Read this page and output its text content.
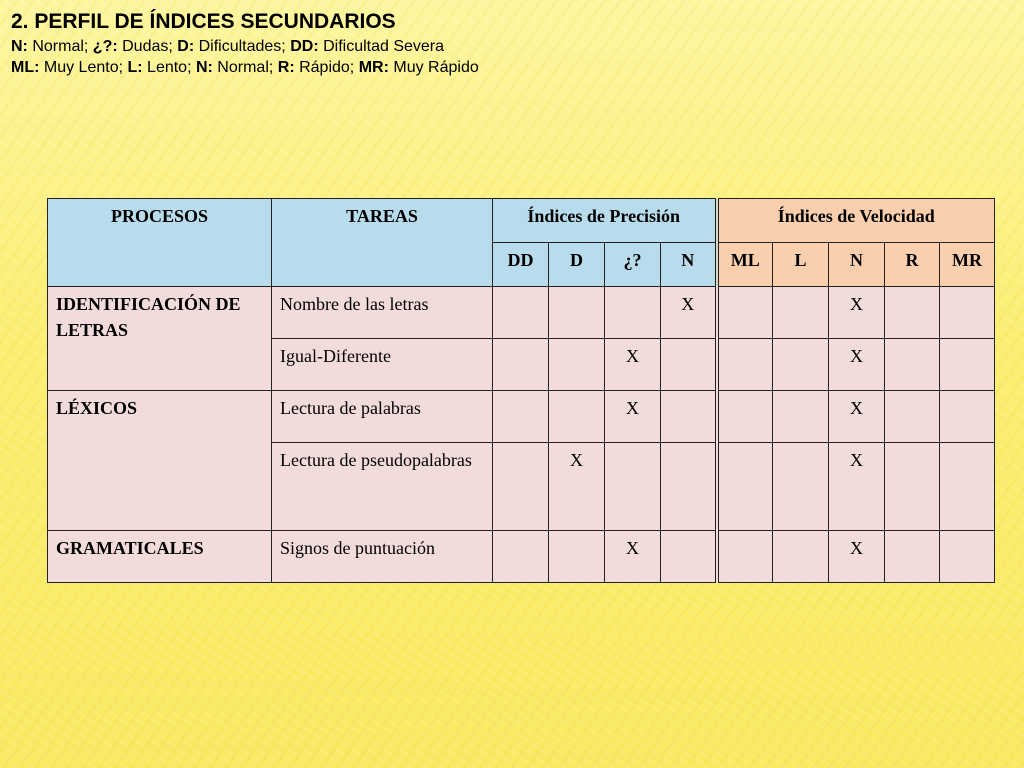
2. PERFIL DE ÍNDICES SECUNDARIOS
N: Normal; ¿?: Dudas; D: Dificultades; DD: Dificultad Severa
ML: Muy Lento; L: Lento; N: Normal; R: Rápido; MR: Muy Rápido
PROCESOS	TAREAS	Índices de Precisión				Índices de Velocidad				
		DD	D	¿?	N	ML	L	N	R	MR
IDENTIFICACIÓN DE LETRAS	Nombre de las letras				X			X		
	Igual-Diferente			X				X		
LÉXICOS	Lectura de palabras			X				X		
	Lectura de pseudopalabras		X					X		
GRAMATICALES	Signos de puntuación			X				X		
